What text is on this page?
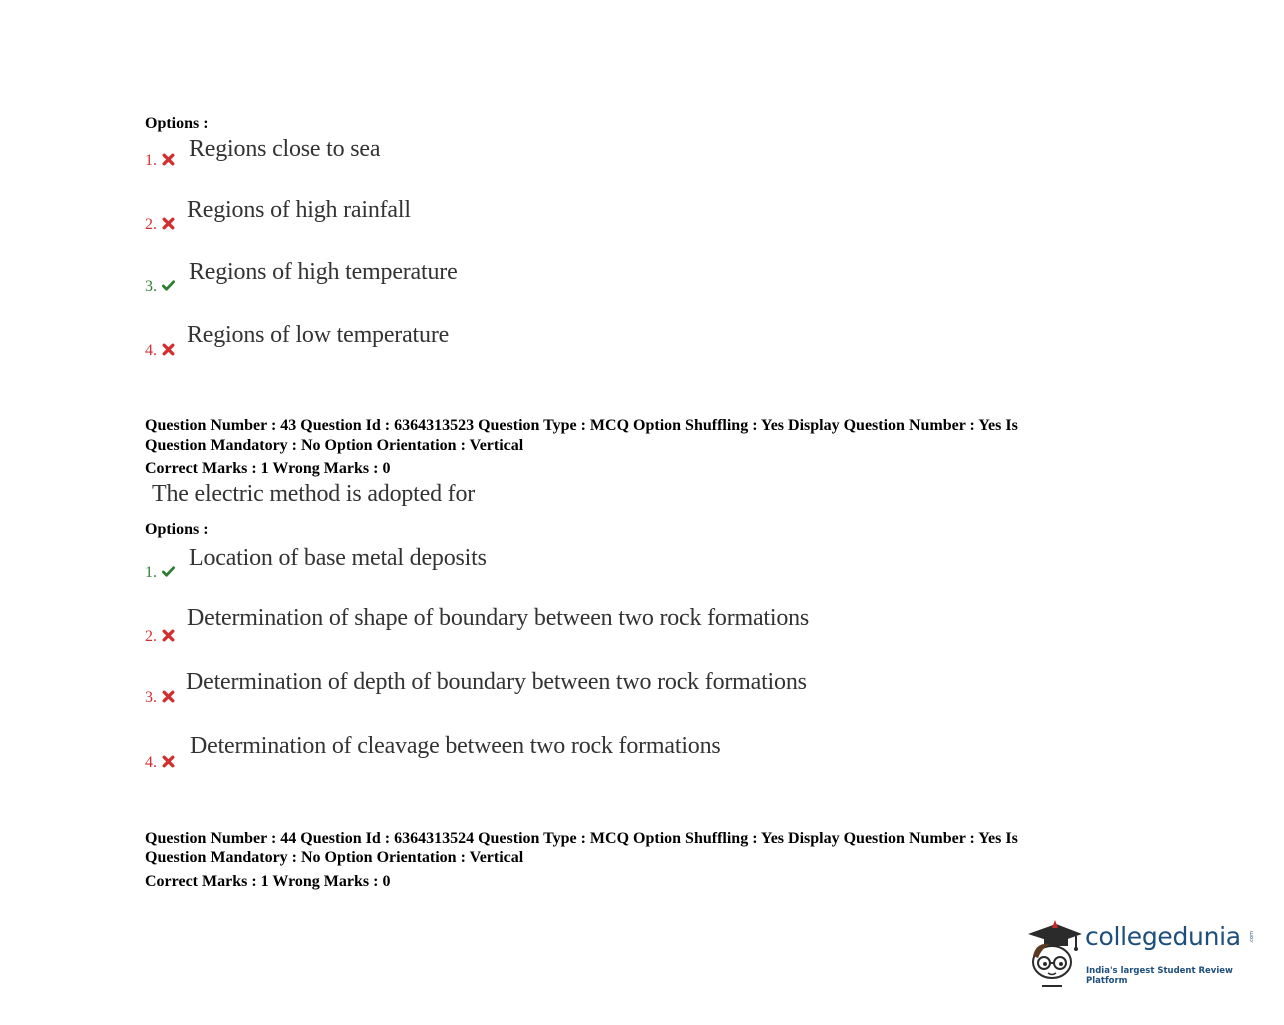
Options :
1.	Regions close to sea
2.
Regions of high rainfall
3.
Regions of high temperature
4.
Regions of low temperature
Question Number : 43 Question Id : 6364313523 Question Type : MCQ Option Shuffling : Yes Display Question Number : Yes Is
Question Mandatory : No Option Orientation : Vertical
Correct Marks : 1 Wrong Marks : 0
The electric method is adopted for
Options :
1.
Location of base metal deposits
2.
Determination of shape of boundary between two rock formations
3.
Determination of depth of boundary between two rock formations
4.
Determination of cleavage between two rock formations
Question Number : 44 Question Id : 6364313524 Question Type : MCQ Option Shuffling : Yes Display Question Number : Yes Is
Question Mandatory : No Option Orientation : Vertical
Correct Marks : 1 Wrong Marks : 0
collegedunia .com
India's largest Student Review Platform
